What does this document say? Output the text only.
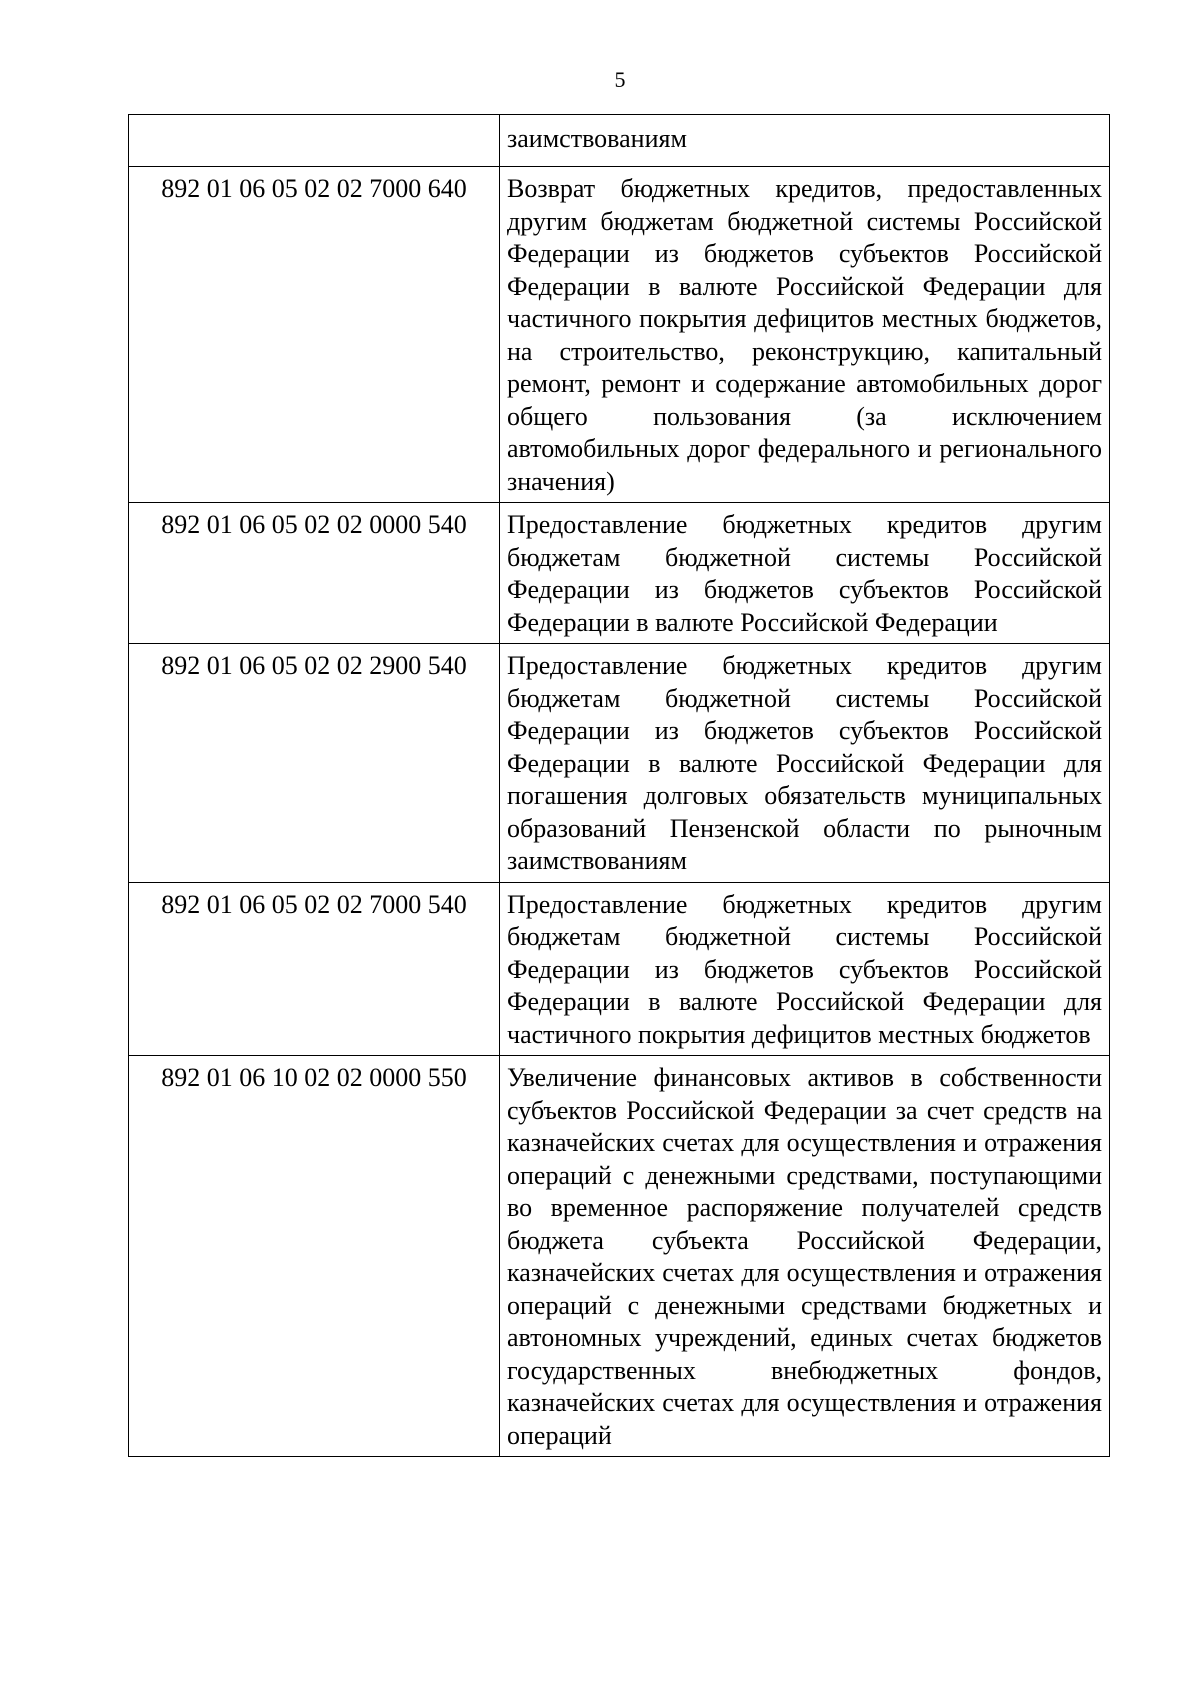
5
	заимствованиям
892 01 06 05 02 02 7000 640	Возврат бюджетных кредитов, предоставленных другим бюджетам бюджетной системы Российской Федерации из бюджетов субъектов Российской Федерации в валюте Российской Федерации для частичного покрытия дефицитов местных бюджетов, на строительство, реконструкцию, капитальный ремонт, ремонт и содержание автомобильных дорог общего пользования (за исключением автомобильных дорог федерального и регионального значения)
892 01 06 05 02 02 0000 540	Предоставление бюджетных кредитов другим бюджетам бюджетной системы Российской Федерации из бюджетов субъектов Российской Федерации в валюте Российской Федерации
892 01 06 05 02 02 2900 540	Предоставление бюджетных кредитов другим бюджетам бюджетной системы Российской Федерации из бюджетов субъектов Российской Федерации в валюте Российской Федерации для погашения долговых обязательств муниципальных образований Пензенской области по рыночным заимствованиям
892 01 06 05 02 02 7000 540	Предоставление бюджетных кредитов другим бюджетам бюджетной системы Российской Федерации из бюджетов субъектов Российской Федерации в валюте Российской Федерации для частичного покрытия дефицитов местных бюджетов
892 01 06 10 02 02 0000 550	Увеличение финансовых активов в собственности субъектов Российской Федерации за счет средств на казначейских счетах для осуществления и отражения операций с денежными средствами, поступающими во временное распоряжение получателей средств бюджета субъекта Российской Федерации, казначейских счетах для осуществления и отражения операций с денежными средствами бюджетных и автономных учреждений, единых счетах бюджетов государственных внебюджетных фондов, казначейских счетах для осуществления и отражения операций
